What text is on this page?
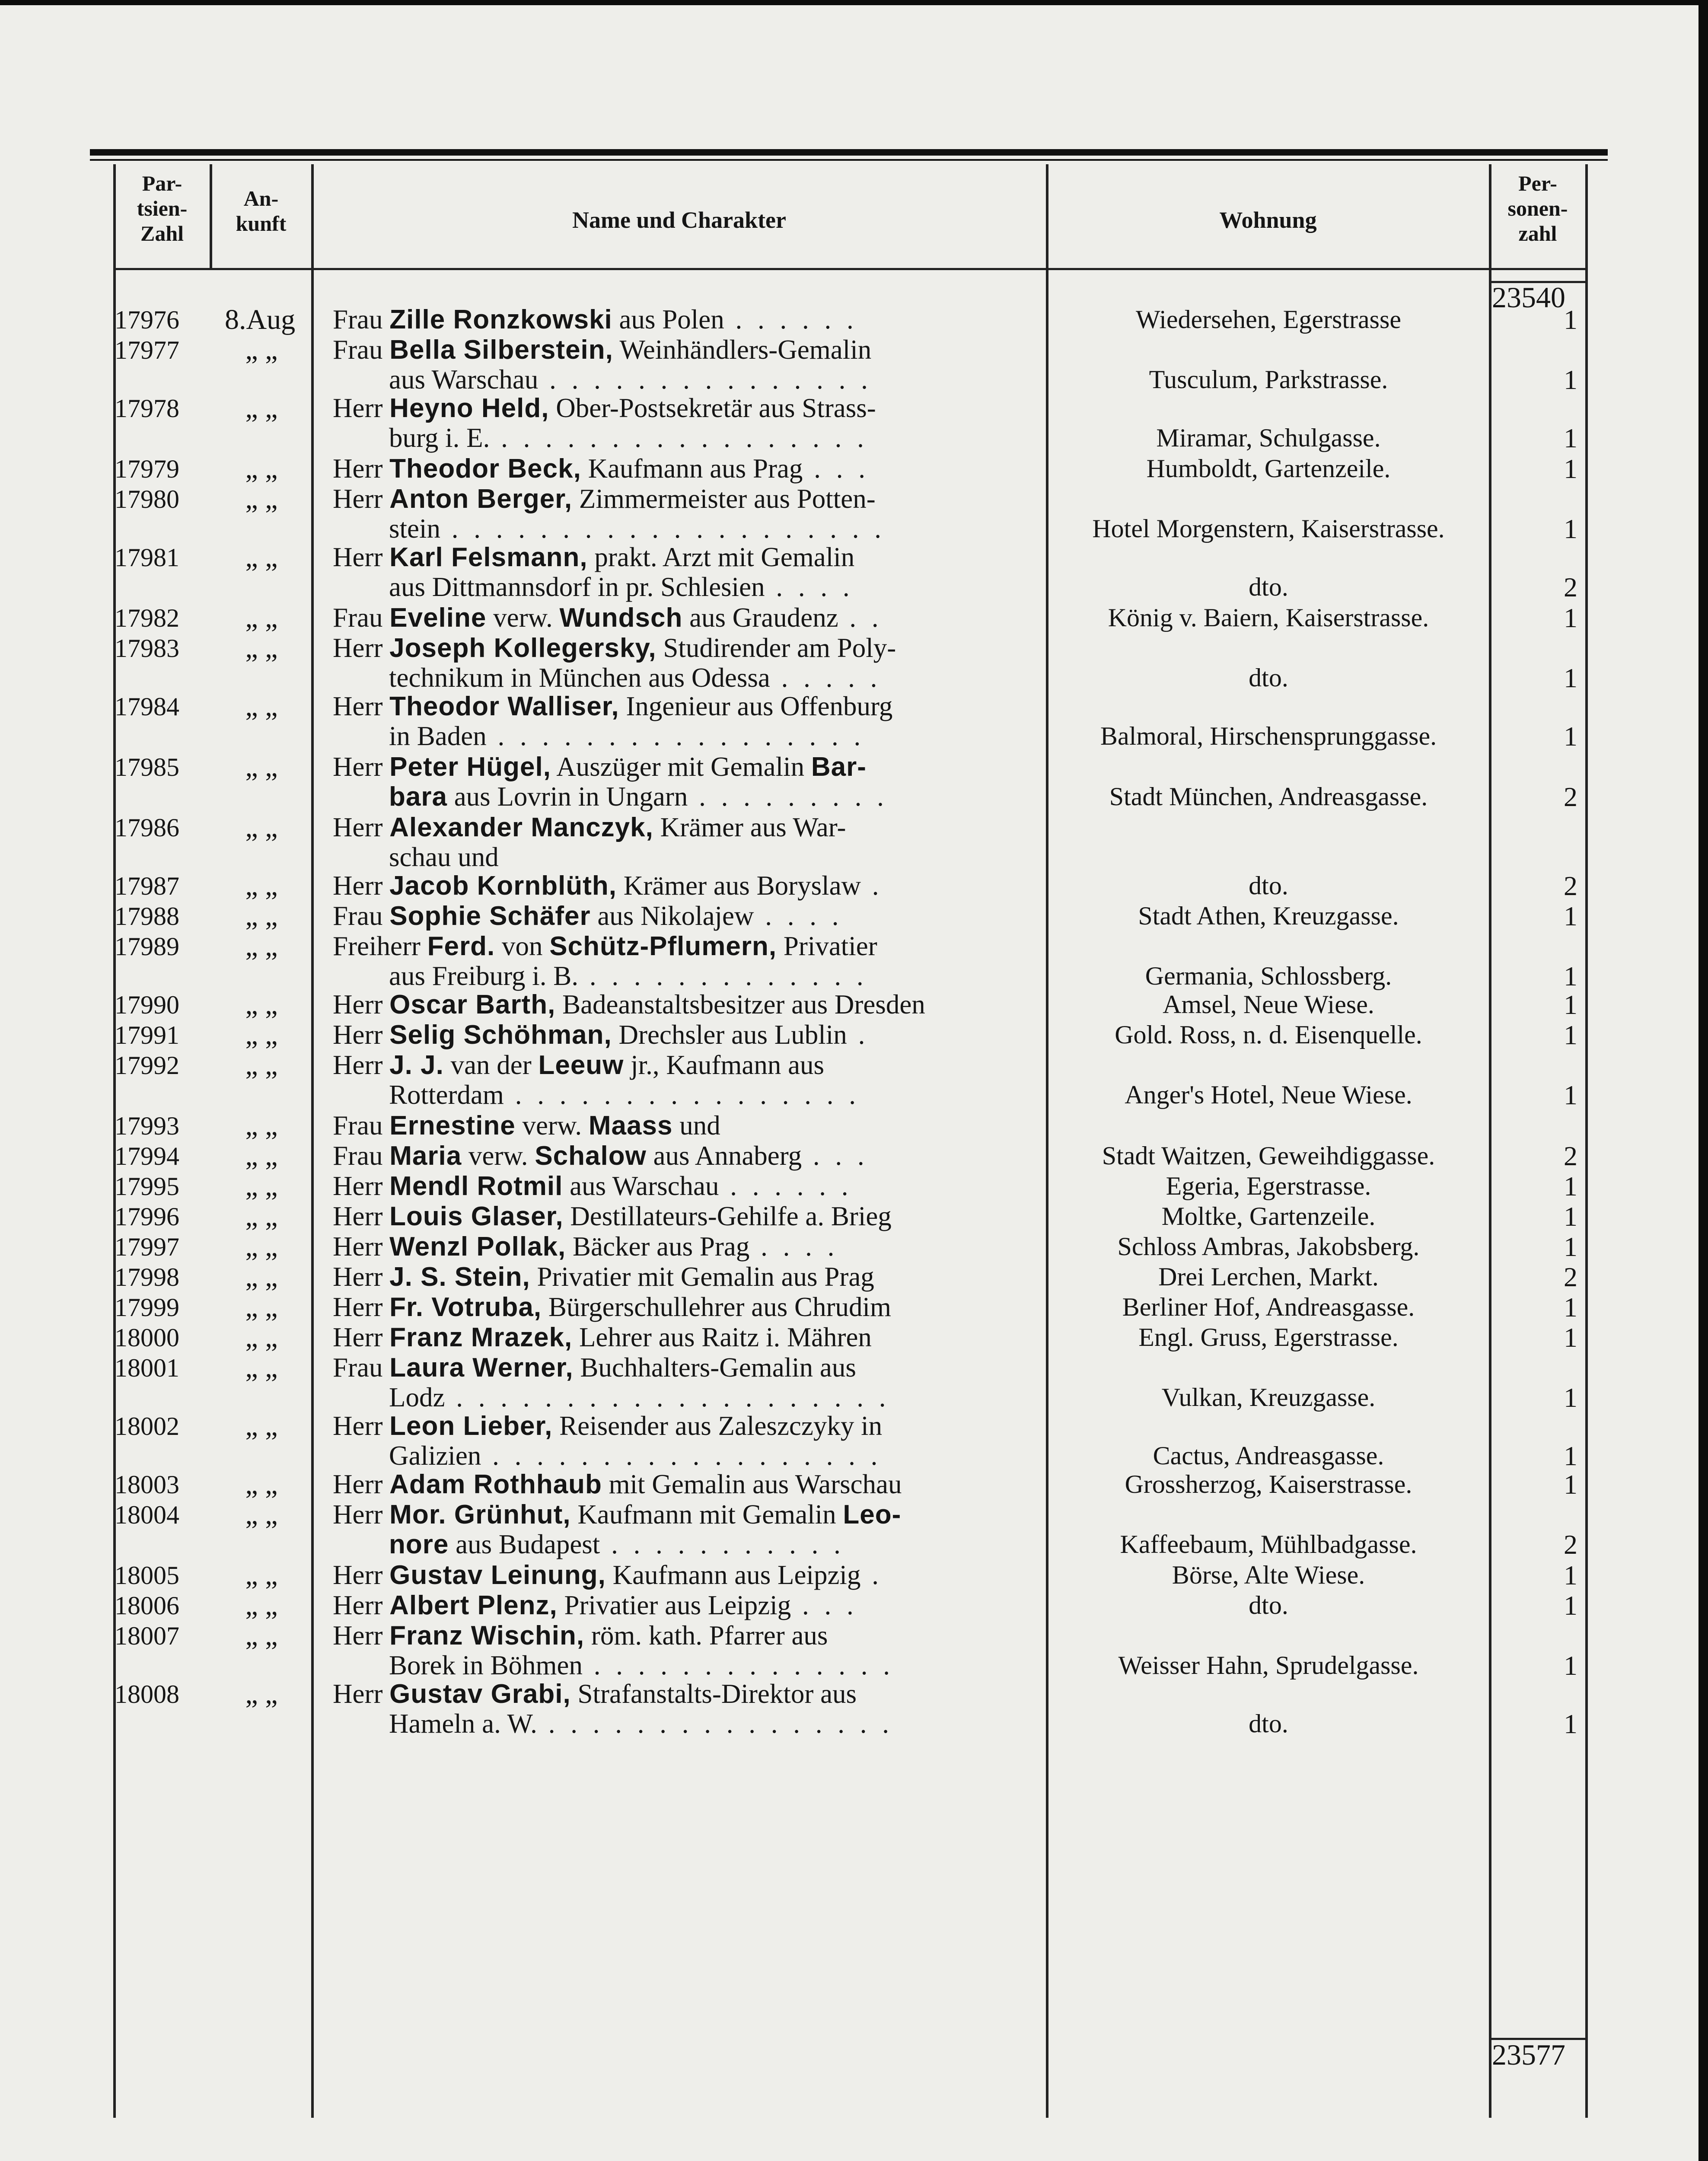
Par-
tsien-
Zahl
An-
kunft	Name und Charakter	Wohnung
Per-
sonen-
zahl
23540
23577
17976 8.Aug	Frau Zille Ronzkowski aus Polen . . . . . .	Wiedersehen, Egerstrasse	1
17977	„ „	Frau Bella Silberstein, Weinhändlers-Gemalin
aus Warschau . . . . . . . . . . . . . . .	Tusculum, Parkstrasse.	1
17978	„ „	Herr Heyno Held, Ober-Postsekretär aus Strass-
burg i. E. . . . . . . . . . . . . . . . . .	Miramar, Schulgasse.	1
17979	„ „	Herr Theodor Beck, Kaufmann aus Prag . . .	Humboldt, Gartenzeile.	1
17980	„ „	Herr Anton Berger, Zimmermeister aus Potten-
stein . . . . . . . . . . . . . . . . . . . .	Hotel Morgenstern, Kaiserstrasse.	1
17981	„ „	Herr Karl Felsmann, prakt. Arzt mit Gemalin
aus Dittmannsdorf in pr. Schlesien . . . .	dto.	2
17982	„ „	Frau Eveline verw. Wundsch aus Graudenz . .	König v. Baiern, Kaiserstrasse.	1
17983	„ „	Herr Joseph Kollegersky, Studirender am Poly-
technikum in München aus Odessa . . . . .	dto.	1
17984	„ „	Herr Theodor Walliser, Ingenieur aus Offenburg
in Baden . . . . . . . . . . . . . . . . .	Balmoral, Hirschensprunggasse.	1
17985	„ „	Herr Peter Hügel, Auszüger mit Gemalin Bar-
bara aus Lovrin in Ungarn . . . . . . . . .	Stadt München, Andreasgasse.	2
17986	„ „	Herr Alexander Manczyk, Krämer aus War-
schau und
17987	„ „	Herr Jacob Kornblüth, Krämer aus Boryslaw .	dto.	2
17988	„ „	Frau Sophie Schäfer aus Nikolajew . . . .	Stadt Athen, Kreuzgasse.	1
17989	„ „	Freiherr Ferd. von Schütz-Pflumern, Privatier
aus Freiburg i. B. . . . . . . . . . . . . .	Germania, Schlossberg.	1
17990	„ „	Herr Oscar Barth, Badeanstaltsbesitzer aus Dresden	Amsel, Neue Wiese.	1
17991	„ „	Herr Selig Schöhman, Drechsler aus Lublin .	Gold. Ross, n. d. Eisenquelle.	1
17992	„ „	Herr J. J. van der Leeuw jr., Kaufmann aus
Rotterdam . . . . . . . . . . . . . . . .	Anger's Hotel, Neue Wiese.	1
17993	„ „	Frau Ernestine verw. Maass und
17994	„ „	Frau Maria verw. Schalow aus Annaberg . . .	Stadt Waitzen, Geweihdiggasse.	2
17995	„ „	Herr Mendl Rotmil aus Warschau . . . . . .	Egeria, Egerstrasse.	1
17996	„ „	Herr Louis Glaser, Destillateurs-Gehilfe a. Brieg	Moltke, Gartenzeile.	1
17997	„ „	Herr Wenzl Pollak, Bäcker aus Prag . . . .	Schloss Ambras, Jakobsberg.	1
17998	„ „	Herr J. S. Stein, Privatier mit Gemalin aus Prag	Drei Lerchen, Markt.	2
17999	„ „	Herr Fr. Votruba, Bürgerschullehrer aus Chrudim	Berliner Hof, Andreasgasse.	1
18000	„ „	Herr Franz Mrazek, Lehrer aus Raitz i. Mähren	Engl. Gruss, Egerstrasse.	1
18001	„ „	Frau Laura Werner, Buchhalters-Gemalin aus
Lodz . . . . . . . . . . . . . . . . . . . .	Vulkan, Kreuzgasse.	1
18002	„ „	Herr Leon Lieber, Reisender aus Zaleszczyky in
Galizien . . . . . . . . . . . . . . . . . .	Cactus, Andreasgasse.	1
18003	„ „	Herr Adam Rothhaub mit Gemalin aus Warschau	Grossherzog, Kaiserstrasse.	1
18004	„ „	Herr Mor. Grünhut, Kaufmann mit Gemalin Leo-
nore aus Budapest . . . . . . . . . . .	Kaffeebaum, Mühlbadgasse.	2
18005	„ „	Herr Gustav Leinung, Kaufmann aus Leipzig .	Börse, Alte Wiese.	1
18006	„ „	Herr Albert Plenz, Privatier aus Leipzig . . .	dto.	1
18007	„ „	Herr Franz Wischin, röm. kath. Pfarrer aus
Borek in Böhmen . . . . . . . . . . . . . .	Weisser Hahn, Sprudelgasse.	1
18008	„ „	Herr Gustav Grabi, Strafanstalts-Direktor aus
Hameln a. W. . . . . . . . . . . . . . . . .	dto.	1
